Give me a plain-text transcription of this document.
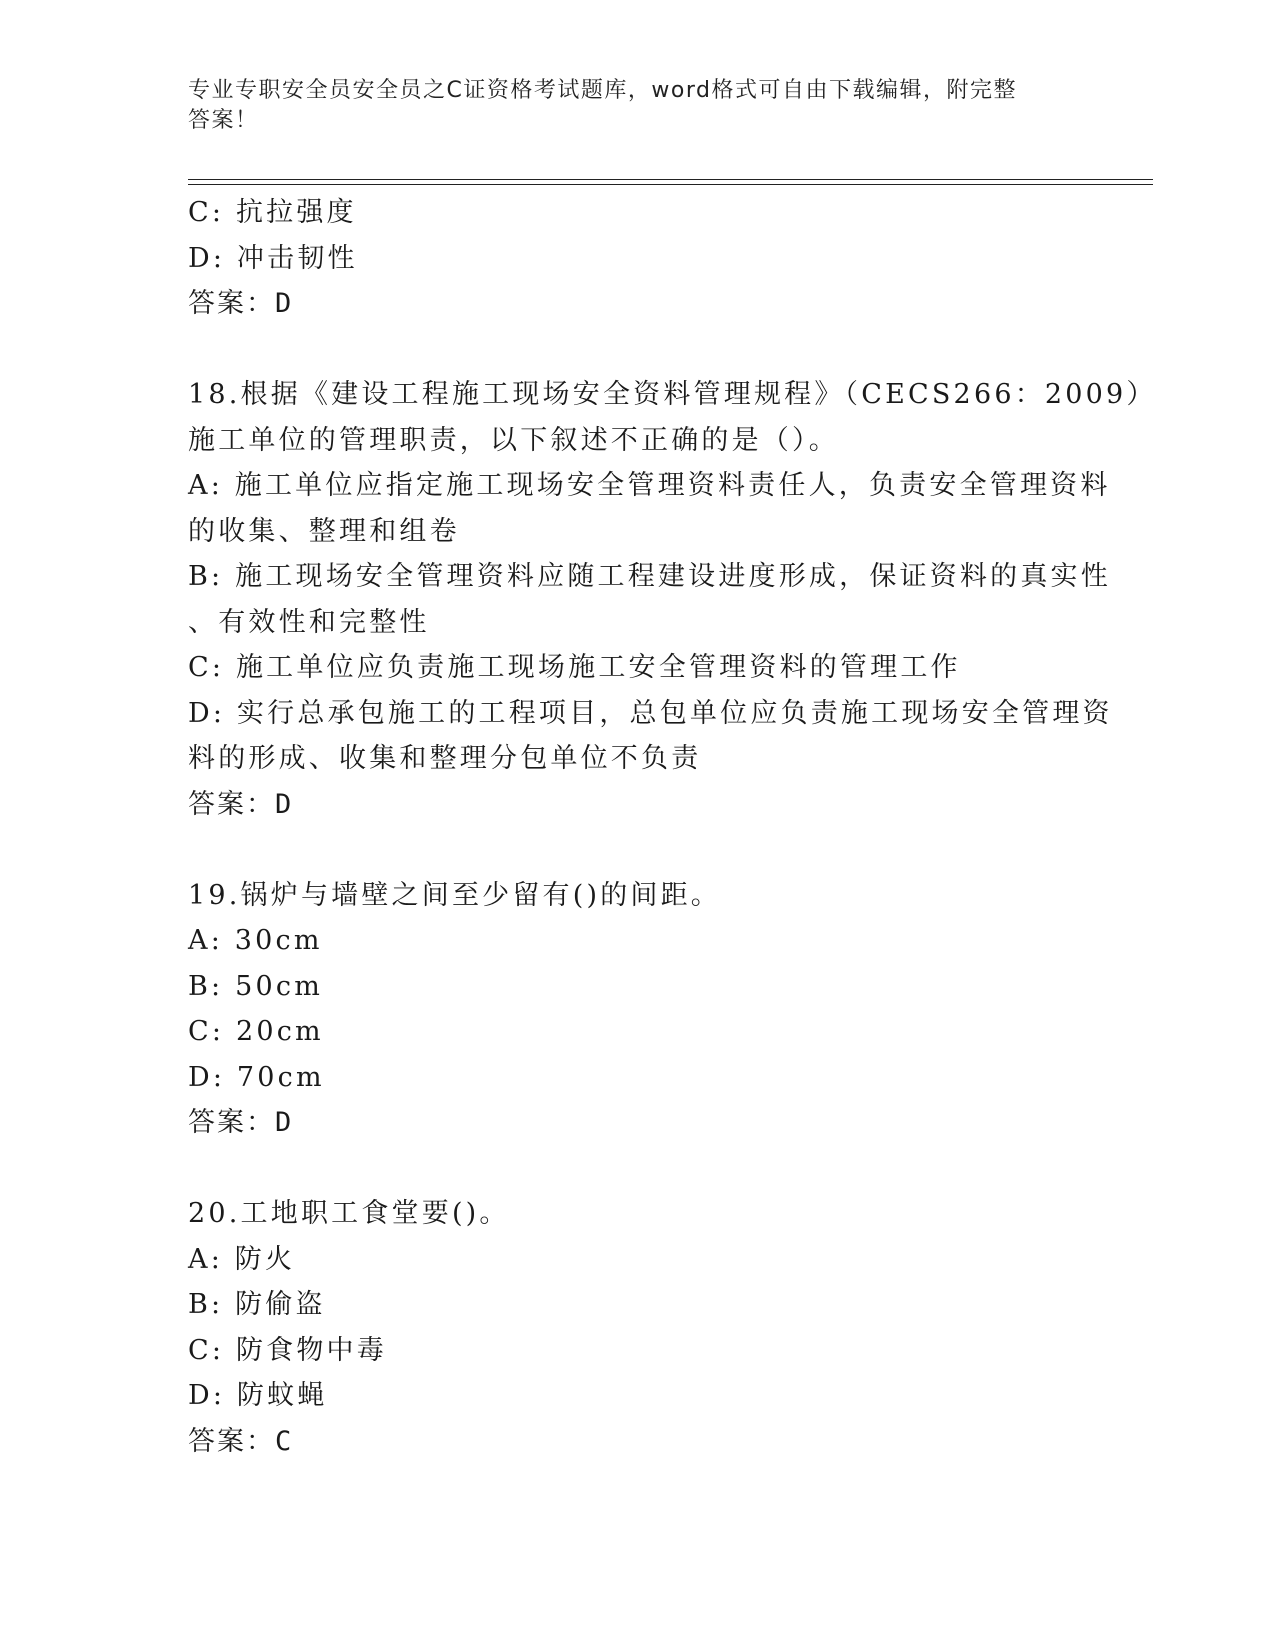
专业专职安全员安全员之C证资格考试题库，word格式可自由下载编辑，附完整
答案！

C: 抗拉强度

D: 冲击韧性

答案：D

18.根据《建设工程施工现场安全资料管理规程》（CECS266：2009）

施工单位的管理职责，以下叙述不正确的是（）。

A: 施工单位应指定施工现场安全管理资料责任人，负责安全管理资料

的收集、整理和组卷

B: 施工现场安全管理资料应随工程建设进度形成，保证资料的真实性

、有效性和完整性

C: 施工单位应负责施工现场施工安全管理资料的管理工作

D: 实行总承包施工的工程项目，总包单位应负责施工现场安全管理资

料的形成、收集和整理分包单位不负责

答案：D

19.锅炉与墙壁之间至少留有()的间距。

A: 30cm

B: 50cm

C: 20cm

D: 70cm

答案：D

20.工地职工食堂要()。

A: 防火

B: 防偷盗

C: 防食物中毒

D: 防蚊蝇

答案：C
